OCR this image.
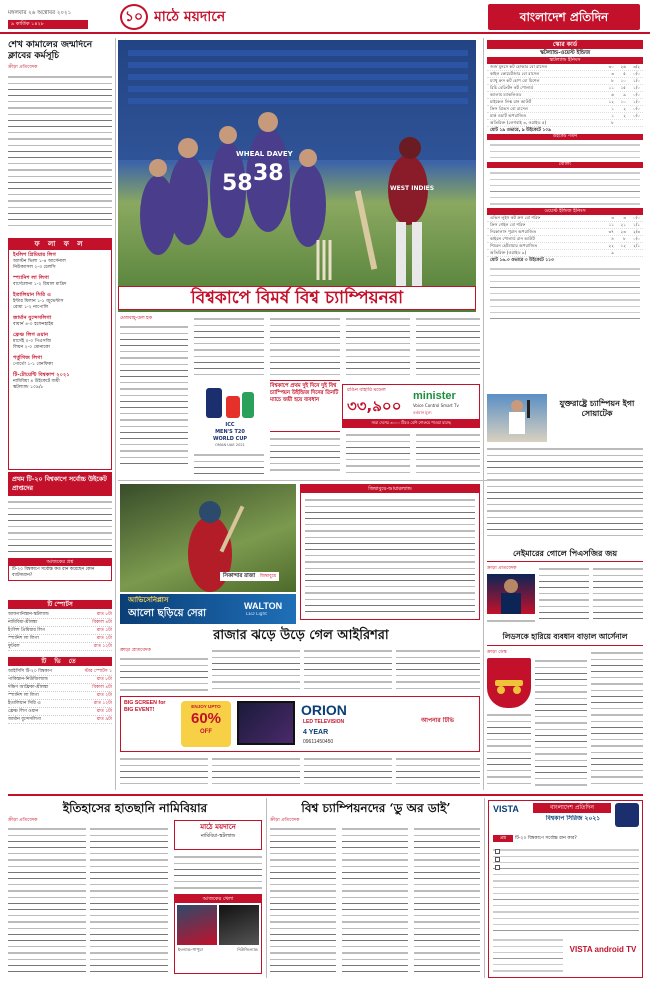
মঙ্গলবার ২৬ অক্টোবর ২০২১
৯ কার্তিক ১৪২৮	১০ মাঠে ময়দানে	বাংলাদেশ প্রতিদিন
শেখ কামালের জন্মদিনে ক্লাবের কর্মসূচি
ক্রীড়া প্রতিবেদক
ফ লা ফ ল
ইংলিশ প্রিমিয়ার লিগ
অ্যাস্টন ভিলা ১-৪ আর্সেনাল
নিউক্যাসল ২-৩ চেলসি
স্প্যানিশ লা লিগা
বার্সেলোনা ১-২ রিয়াল মাদ্রিদ
ইতালিয়ান সিরি এ
ইন্টার মিলান ১-১ জুভেন্টাস
রোমা ১-২ নাপোলি
জার্মান বুন্দেসলিগা
বায়ার্ন ৪-০ হফেনহাইম
ফ্রেঞ্চ লিগ ওয়ান
মার্সেই ০-০ পিএসজি
লিয়ন ২-০ মোনাকো
পর্তুগিজ লিগা
পোর্তো ১-১ বেনফিকা
টি-টোয়েন্টি বিশ্বকাপ ২০২১
নামিবিয়া ৪ উইকেটে জয়ী
স্কটল্যান্ড ১০৯/৮
প্রথম টি-২০ বিশ্বকাপে সর্বোচ্চ উইকেট প্রাপ্তদের
আজকের প্রশ্ন
টি-২০ বিশ্বকাপে সর্বোচ্চ কত রান করেছেন কোন ব্যাটসম্যান?
টি স্পোর্টস
আফগানিস্তান-স্কটল্যান্ড	রাত ৮টা
নামিবিয়া-শ্রীলঙ্কা	বিকাল ৪টা
ইংলিশ প্রিমিয়ার লিগ	রাত ১টা
স্প্যানিশ লা লিগা	রাত ২টা
ফুটবল	রাত ১২টা
টি ভি তে
আইসিসি টি-২০ বিশ্বকাপ	স্টার স্পোর্টস ১
পাকিস্তান-নিউজিল্যান্ড	রাত ৮টা
দক্ষিণ আফ্রিকা-শ্রীলঙ্কা	বিকাল ৪টা
স্প্যানিশ লা লিগা	রাত ২টা
ইতালিয়ান সিরি এ	রাত ১২টা
ফ্রেঞ্চ লিগ ওয়ান	রাত ১টা
জার্মান বুন্দেসলিগা	রাত ৯টা
58 38
WHEAL DAVEY
WEST INDIES
বিশ্বকাপে বিমর্ষ বিশ্ব চ্যাম্পিয়নরা
মেজবাহ্-উল হক
বিশ্বকাপে প্রথম দুই দিনে দুই বিশ্ব চ্যাম্পিয়ন উইন্ডিজ দিনের তিনটি ম্যাচে জয়ী হয়ে ব্যবধান
ICC
MEN'S T20
WORLD CUP
OMAN UAE 2021
রঙিন বাহারি মডেল
৩৩,৯০০
minister
Voice Control Smart Tv
বর্তমান মূল্য
সারা দেশের ৩০০০ টিরও বেশি শোরুমে পাওয়া যাচ্ছে
স্কোর কার্ড
স্কটল্যান্ড-ওয়েস্ট ইন্ডিজ
স্কটল্যান্ড ইনিংস
জর্জ মুনসে কট হোল্ডার বো রাসেল	৩০	২৬	৩/২
কাইল কোয়েটজার বো রাসেল	৩	৫	০/০
ম্যাথু ক্রস কট হোপ বো মিশেল	৮	১০	১/০
রিচি বেরিংটন কট পোলার্ড	১১	১৫	১/০
ক্যালাম ম্যাকলিওড	৬	৯	০/০
মাইকেল লিস্ক রান আউট	১২	১০	১/০
ক্রিস গ্রিভস বো রাসেল	১	২	০/০
মার্ক ওয়াট অপরাজিত	১	২	০/০
অতিরিক্ত (লেগবাই ৩, ওয়াইড ৫)	৮
মোট ১৯ ওভারে, ৯ উইকেটে ১০৯
উইকেট পতন
বোলিং
ওয়েস্ট ইন্ডিজ ইনিংস
এভিন লুইস কট ক্রস বো শরিফ	৩	৩	০/০
ক্রিস গেইল বো শরিফ	১১	২১	১/১
নিকোলাস পুরান অপরাজিত	৩৭	২৩	২/৩
কাইরন পোলার্ড রান আউট	৪	৮	০/০
শিমরন হেটমায়ার অপরাজিত	২২	১২	২/১
অতিরিক্ত (ওয়াইড ৯)	৯
মোট ১৬.৩ ওভারে ৩ উইকেটে ১১৩
যুক্তরাষ্ট্রে চ্যাম্পিয়ন ইগা সোয়াটেক
সিকান্দার রাজা জিম্বাবুয়ে
জিম্বাবুয়ে-আয়ারল্যান্ড
আভিসেনিপ্লাস
আলো ছড়িয়ে সেরা
WALTON
LED Light
রাজার ঝড়ে উড়ে গেল আইরিশরা
ক্রীড়া প্রতিবেদক
BIG SCREEN for BIG EVENT!
ENJOY UPTO
60%
OFF
ORION
LED TELEVISION
4 YEAR
09611450450
আপনার টিভি
নেইমারের গোলে পিএসজির জয়
ক্রীড়া প্রতিবেদক
লিডসকে হারিয়ে ব্যবধান বাড়াল আর্সেনাল
ক্রীড়া ডেস্ক
ইতিহাসের হাতছানি নামিবিয়ার
ক্রীড়া প্রতিবেদক
মাঠে ময়দানে
নামিবিয়া-স্কটল্যান্ড
আজকের খেলা
ইংল্যান্ড-পাপুয়া	নিউজিল্যান্ড
বিশ্ব চ্যাম্পিয়নদের ‘ডু অর ডাই’
ক্রীড়া প্রতিবেদক
VISTA	বাংলাদেশ প্রতিদিন
বিশ্বকাপ সিরিজ ২০২১
প্রশ্ন	টি-২০ বিশ্বকাপে সর্বোচ্চ রান কার?
VISTA android TV
